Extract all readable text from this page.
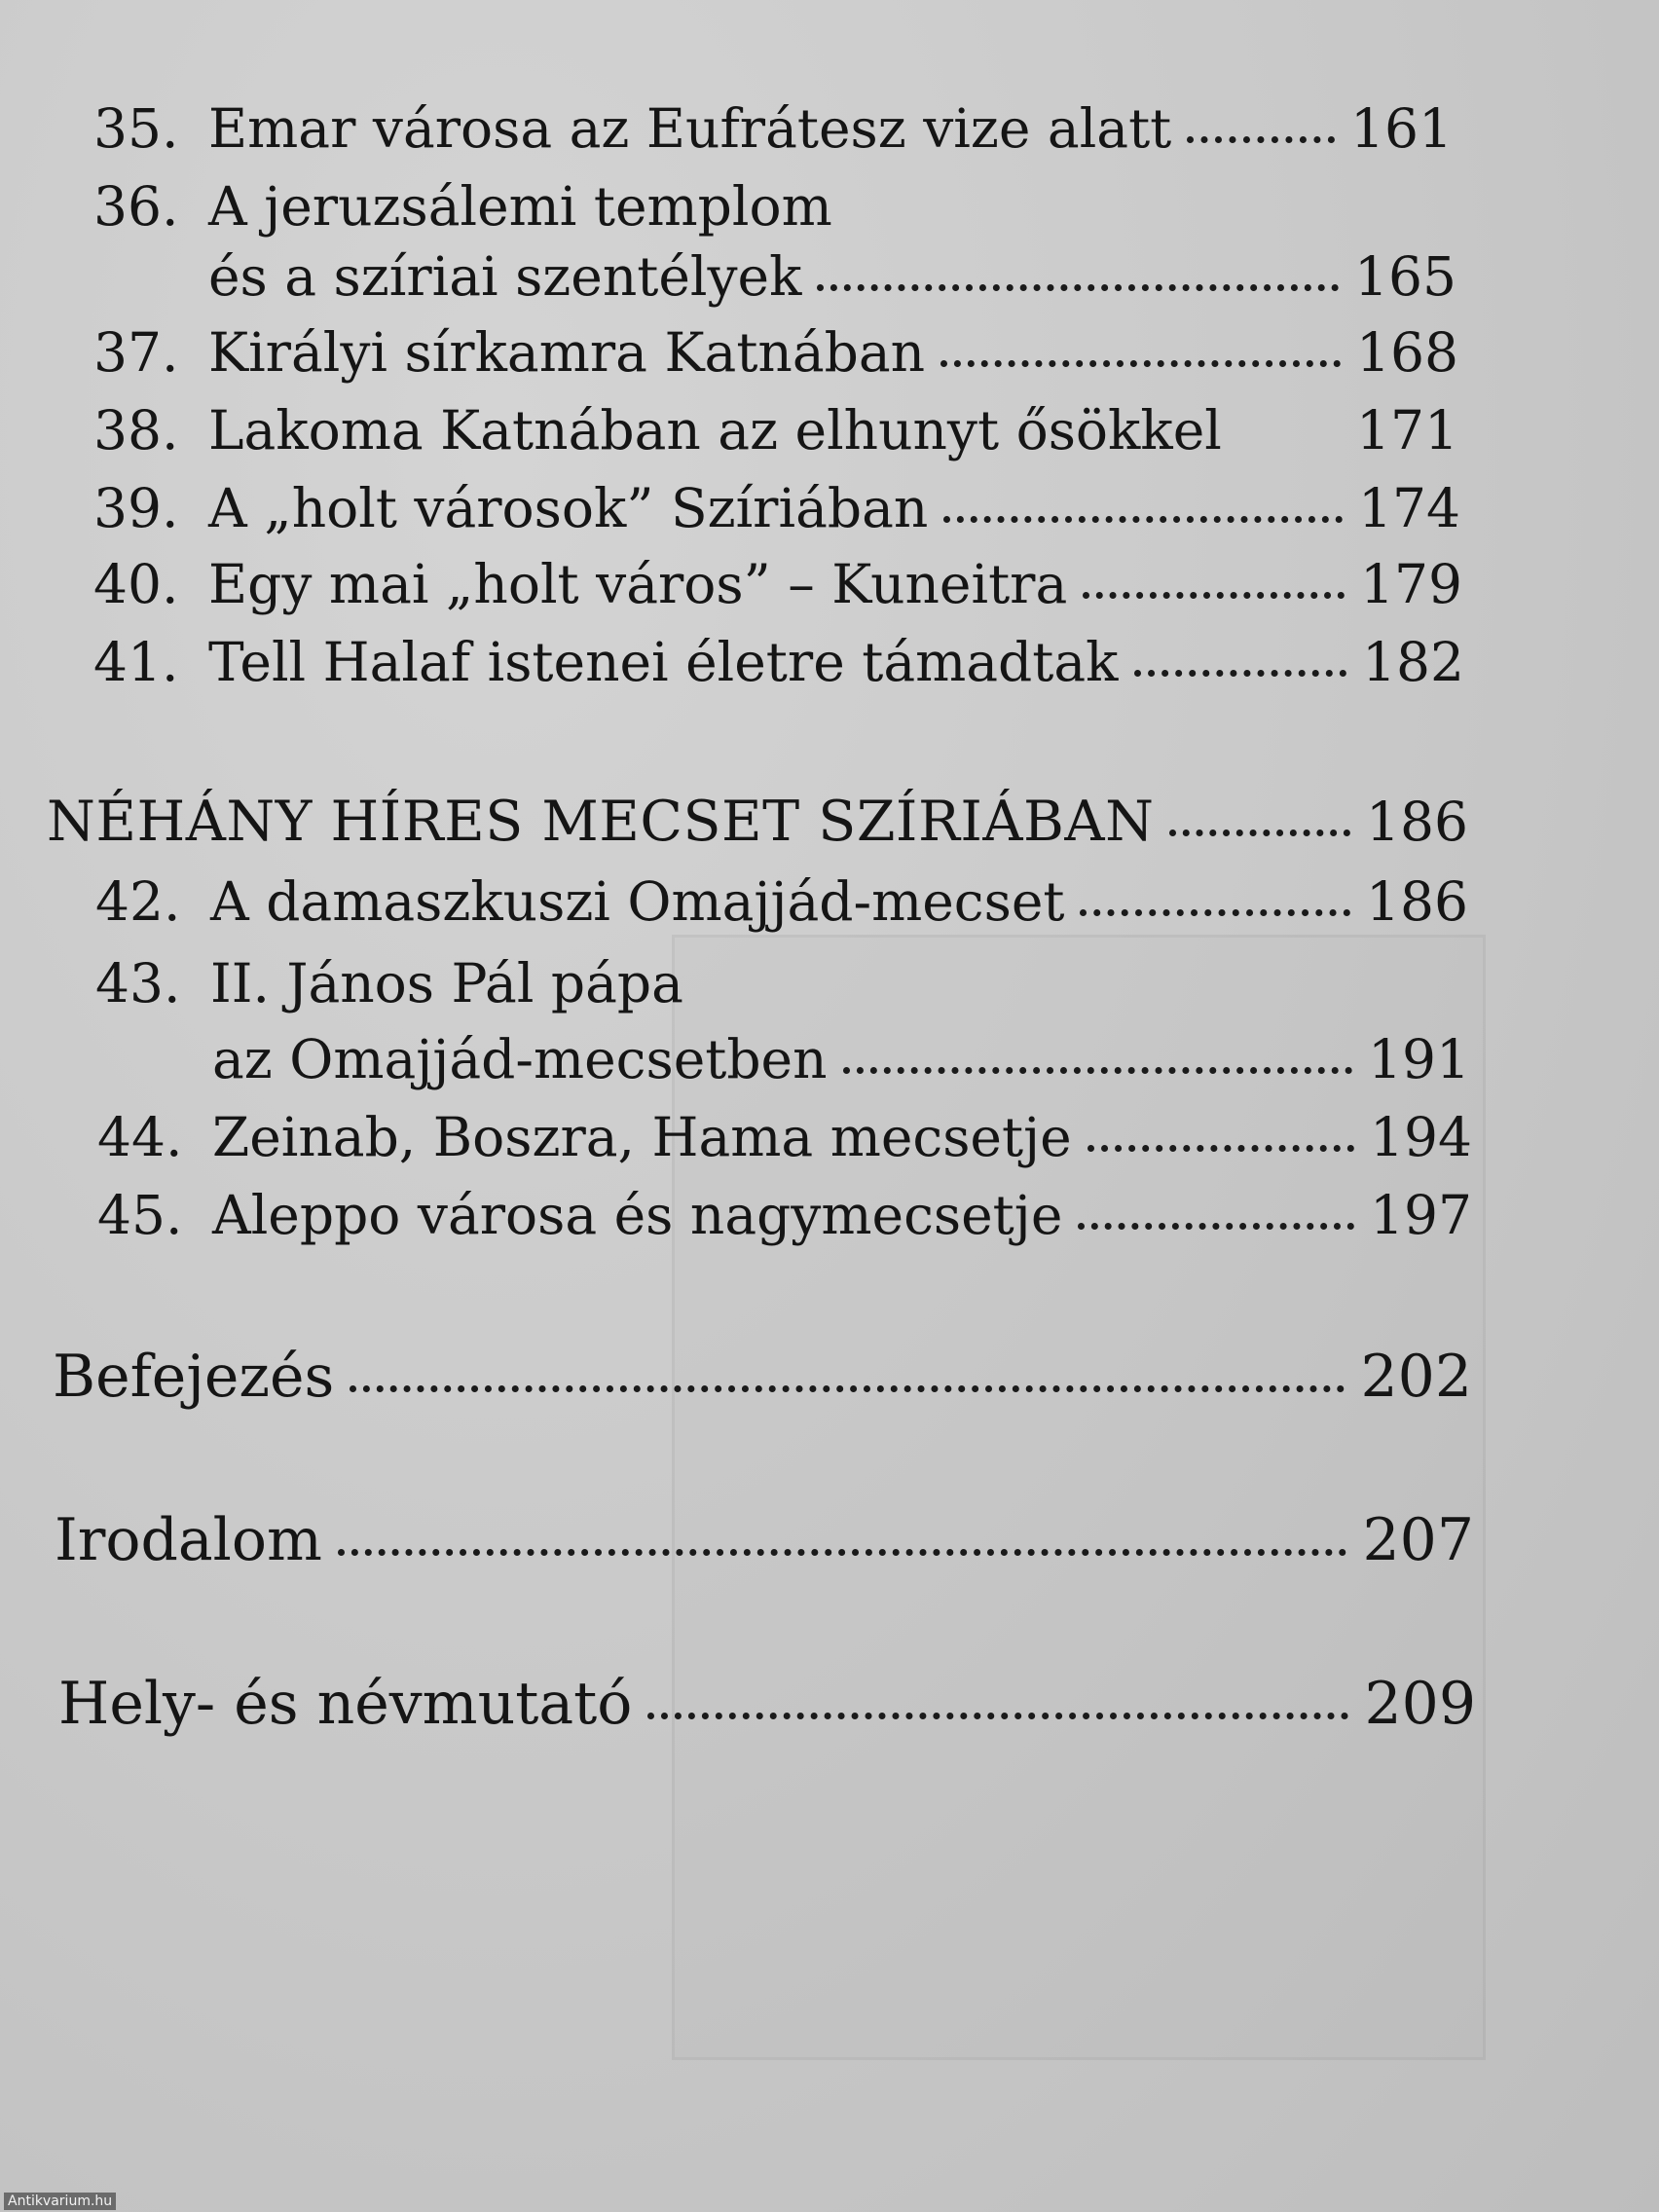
35. Emar városa az Eufrátesz vize alatt	161
36. A jeruzsálemi templom
és a szíriai szentélyek	165
37. Királyi sírkamra Katnában	168
38. Lakoma Katnában az elhunyt ősökkel	171
39. A „holt városok” Szíriában	174
40. Egy mai „holt város” – Kuneitra	179
41. Tell Halaf istenei életre támadtak	182
NÉHÁNY HÍRES MECSET SZÍRIÁBAN	186
42. A damaszkuszi Omajjád-mecset	186
43. II. János Pál pápa
az Omajjád-mecsetben	191
44. Zeinab, Boszra, Hama mecsetje	194
45. Aleppo városa és nagymecsetje	197
Befejezés	202
Irodalom	207
Hely- és névmutató	209
Antikvarium.hu
